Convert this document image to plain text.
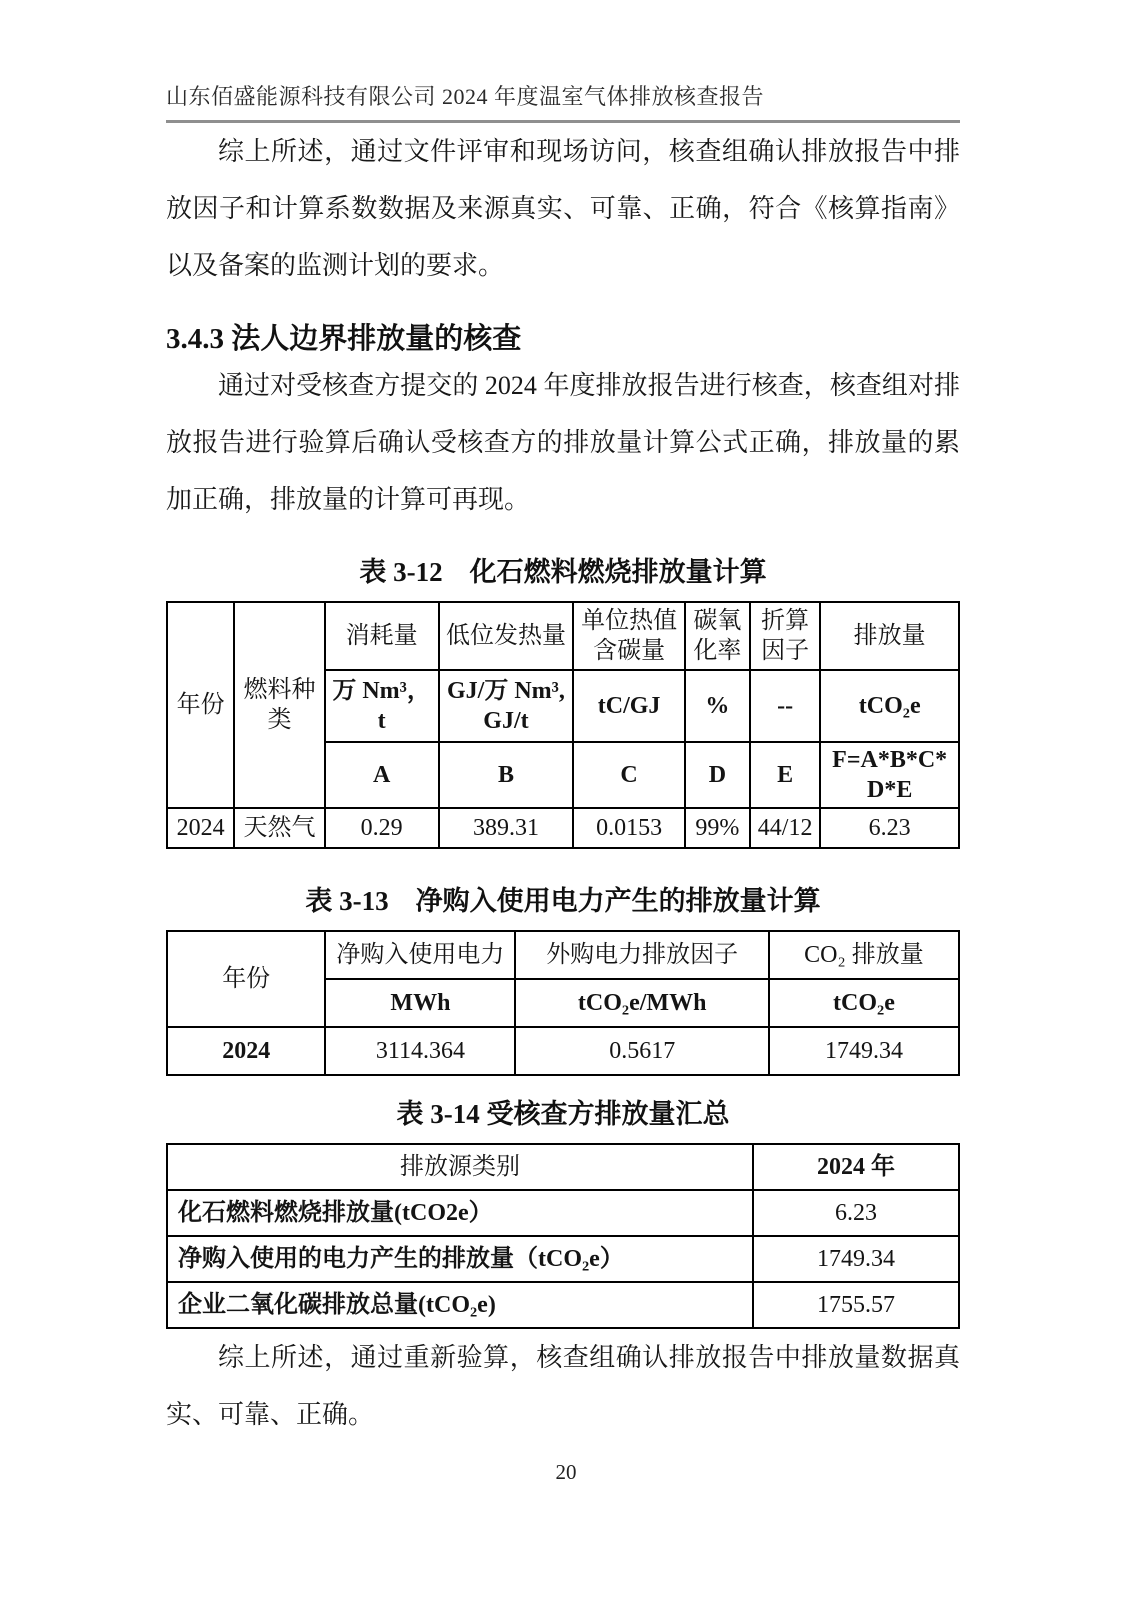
山东佰盛能源科技有限公司 2024 年度温室气体排放核查报告

综上所述，通过文件评审和现场访问，核查组确认排放报告中排放因子和计算系数数据及来源真实、可靠、正确，符合《核算指南》以及备案的监测计划的要求。

3.4.3 法人边界排放量的核查

通过对受核查方提交的 2024 年度排放报告进行核查，核查组对排放报告进行验算后确认受核查方的排放量计算公式正确，排放量的累加正确，排放量的计算可再现。

表 3-12　化石燃料燃烧排放量计算
年份	燃料种类	消耗量	低位发热量	单位热值含碳量	碳氧化率	折算因子	排放量
		万 Nm³，t	GJ/万 Nm³, GJ/t	tC/GJ	%	--	tCO₂e
		A	B	C	D	E	F=A*B*C*D*E
2024	天然气	0.29	389.31	0.0153	99%	44/12	6.23
表 3-13　净购入使用电力产生的排放量计算
年份	净购入使用电力	外购电力排放因子	CO₂ 排放量
	MWh	tCO₂e/MWh	tCO₂e
2024	3114.364	0.5617	1749.34
表 3-14 受核查方排放量汇总
排放源类别	2024 年
化石燃料燃烧排放量(tCO2e）	6.23
净购入使用的电力产生的排放量（tCO₂e）	1749.34
企业二氧化碳排放总量(tCO₂e)	1755.57

综上所述，通过重新验算，核查组确认排放报告中排放量数据真实、可靠、正确。

20
